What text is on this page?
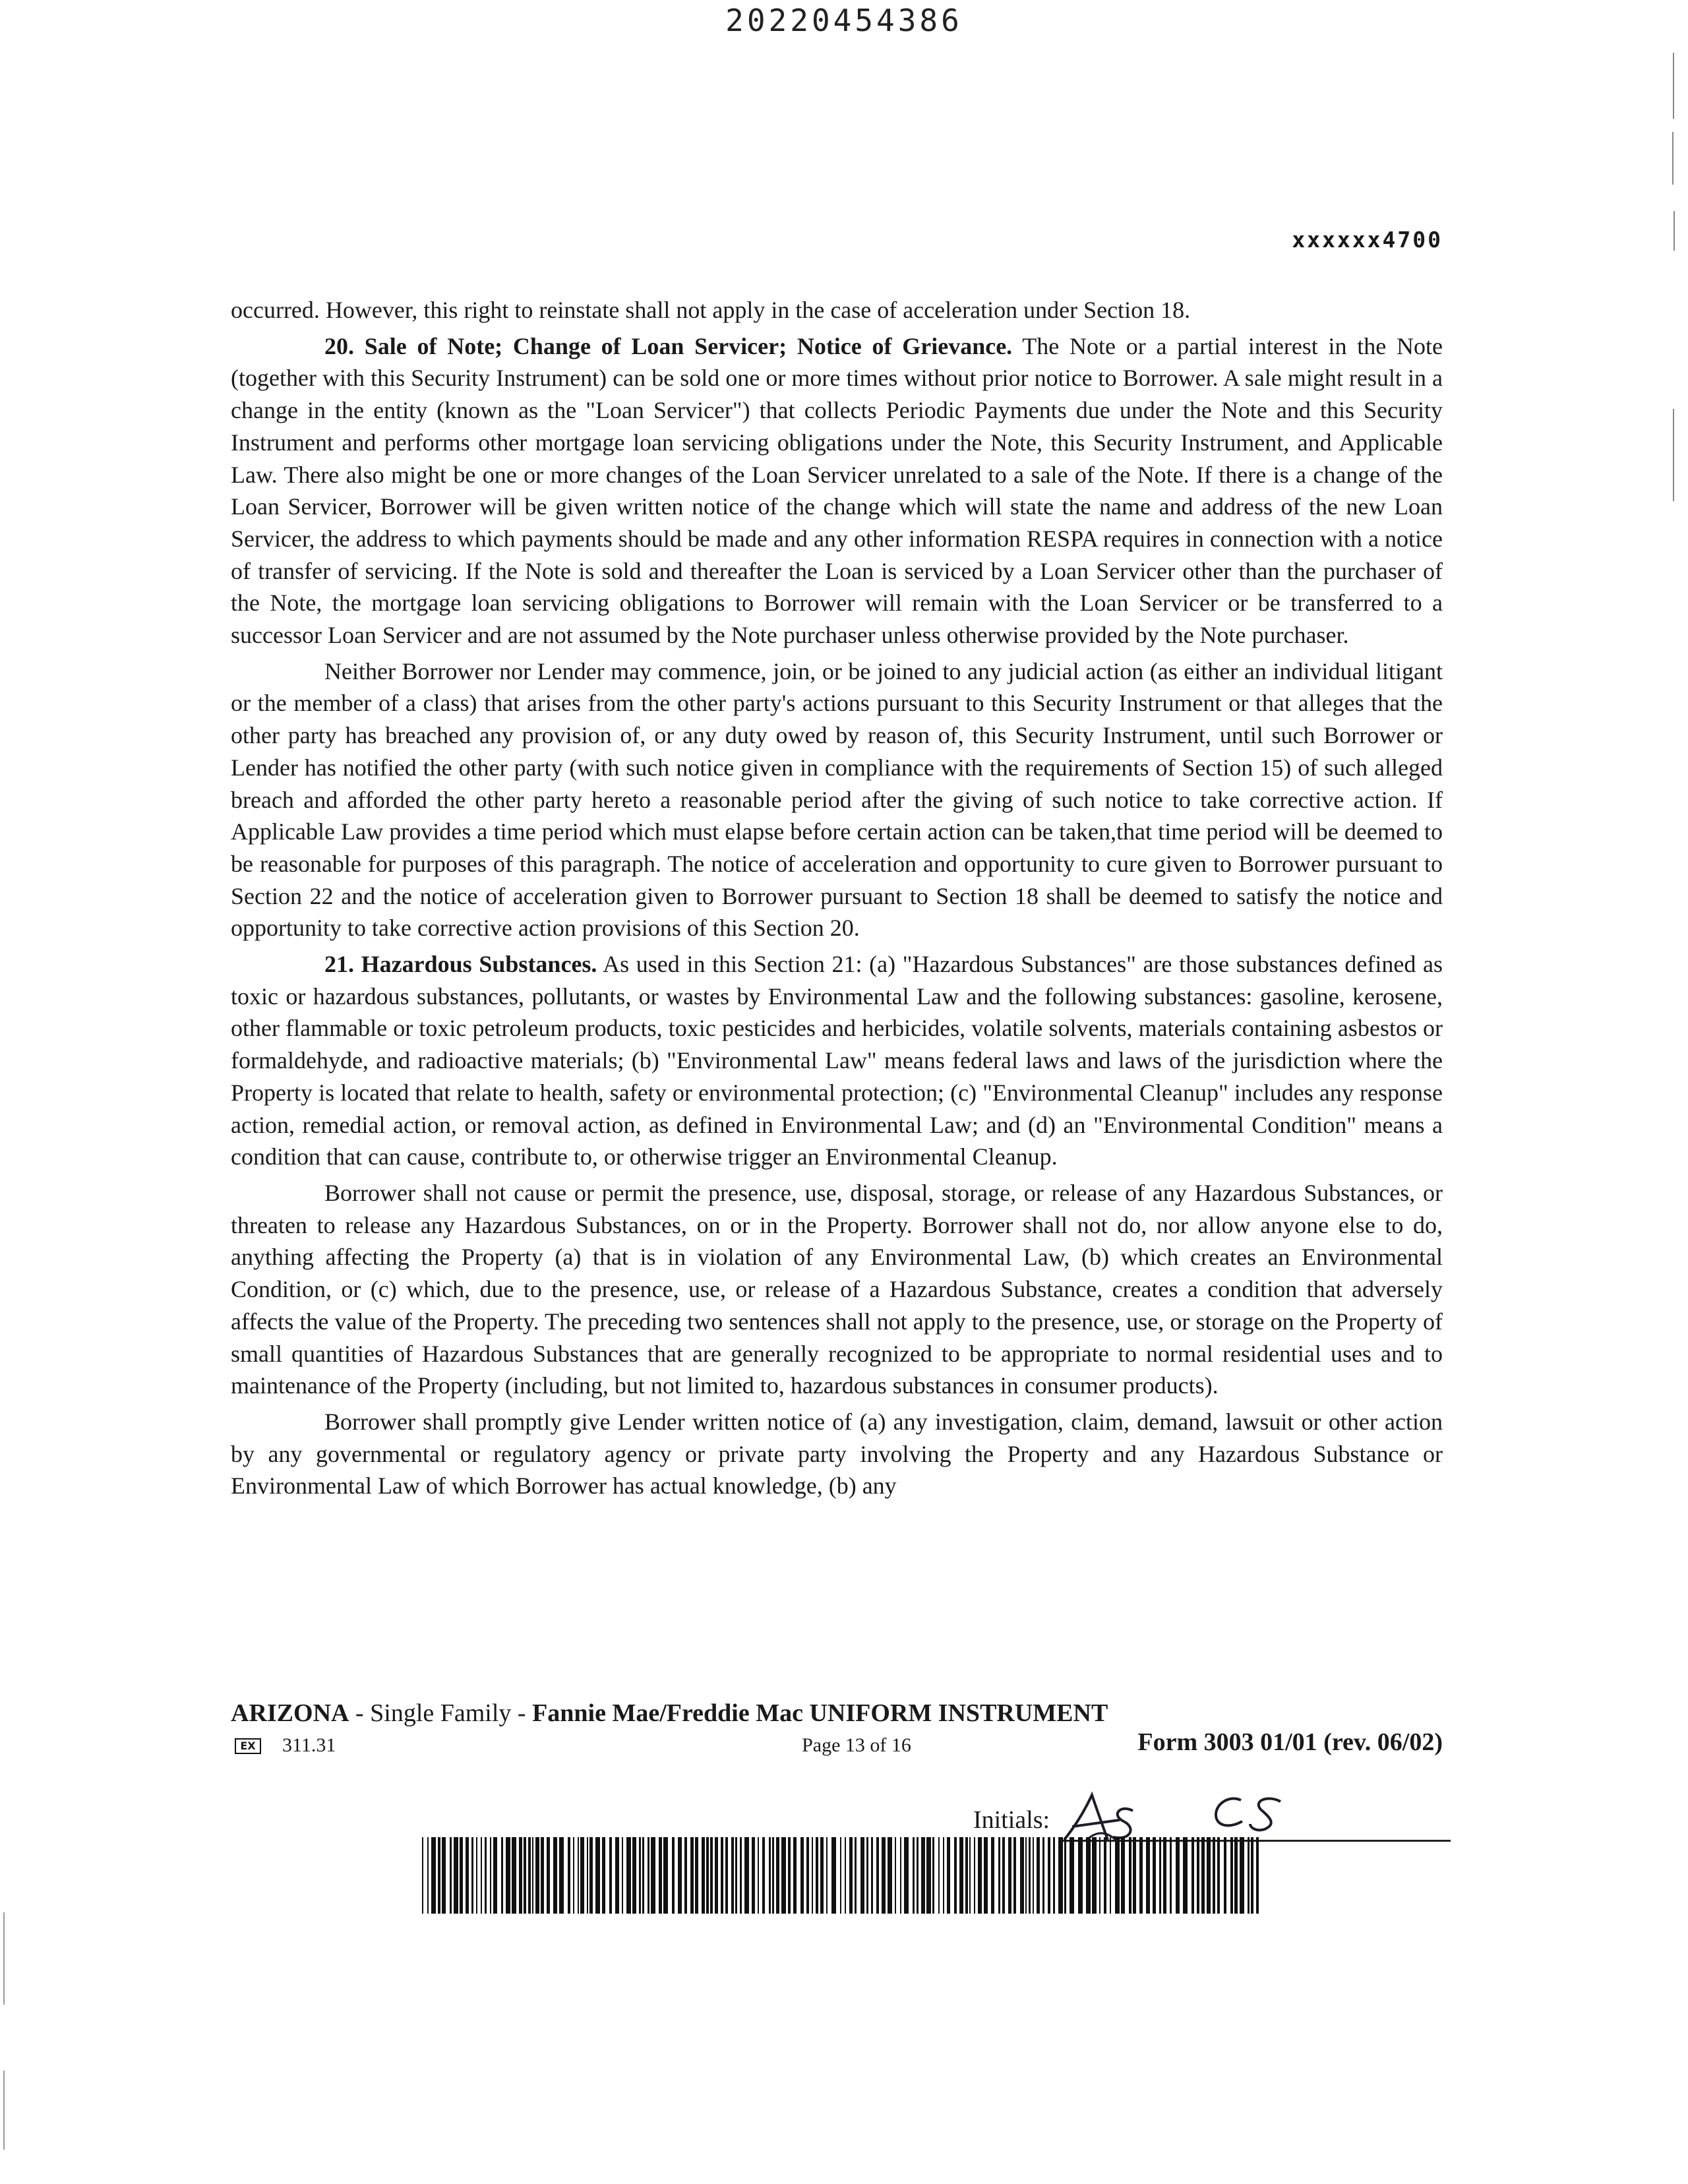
20220454386
xxxxxx4700

occurred. However, this right to reinstate shall not apply in the case of acceleration under Section 18.

20. Sale of Note; Change of Loan Servicer; Notice of Grievance. The Note or a partial interest in the Note (together with this Security Instrument) can be sold one or more times without prior notice to Borrower. A sale might result in a change in the entity (known as the "Loan Servicer") that collects Periodic Payments due under the Note and this Security Instrument and performs other mortgage loan servicing obligations under the Note, this Security Instrument, and Applicable Law. There also might be one or more changes of the Loan Servicer unrelated to a sale of the Note. If there is a change of the Loan Servicer, Borrower will be given written notice of the change which will state the name and address of the new Loan Servicer, the address to which payments should be made and any other information RESPA requires in connection with a notice of transfer of servicing. If the Note is sold and thereafter the Loan is serviced by a Loan Servicer other than the purchaser of the Note, the mortgage loan servicing obligations to Borrower will remain with the Loan Servicer or be transferred to a successor Loan Servicer and are not assumed by the Note purchaser unless otherwise provided by the Note purchaser.

Neither Borrower nor Lender may commence, join, or be joined to any judicial action (as either an individual litigant or the member of a class) that arises from the other party's actions pursuant to this Security Instrument or that alleges that the other party has breached any provision of, or any duty owed by reason of, this Security Instrument, until such Borrower or Lender has notified the other party (with such notice given in compliance with the requirements of Section 15) of such alleged breach and afforded the other party hereto a reasonable period after the giving of such notice to take corrective action. If Applicable Law provides a time period which must elapse before certain action can be taken,that time period will be deemed to be reasonable for purposes of this paragraph. The notice of acceleration and opportunity to cure given to Borrower pursuant to Section 22 and the notice of acceleration given to Borrower pursuant to Section 18 shall be deemed to satisfy the notice and opportunity to take corrective action provisions of this Section 20.

21. Hazardous Substances. As used in this Section 21: (a) "Hazardous Substances" are those substances defined as toxic or hazardous substances, pollutants, or wastes by Environmental Law and the following substances: gasoline, kerosene, other flammable or toxic petroleum products, toxic pesticides and herbicides, volatile solvents, materials containing asbestos or formaldehyde, and radioactive materials; (b) "Environmental Law" means federal laws and laws of the jurisdiction where the Property is located that relate to health, safety or environmental protection; (c) "Environmental Cleanup" includes any response action, remedial action, or removal action, as defined in Environmental Law; and (d) an "Environmental Condition" means a condition that can cause, contribute to, or otherwise trigger an Environmental Cleanup.

Borrower shall not cause or permit the presence, use, disposal, storage, or release of any Hazardous Substances, or threaten to release any Hazardous Substances, on or in the Property. Borrower shall not do, nor allow anyone else to do, anything affecting the Property (a) that is in violation of any Environmental Law, (b) which creates an Environmental Condition, or (c) which, due to the presence, use, or release of a Hazardous Substance, creates a condition that adversely affects the value of the Property. The preceding two sentences shall not apply to the presence, use, or storage on the Property of small quantities of Hazardous Substances that are generally recognized to be appropriate to normal residential uses and to maintenance of the Property (including, but not limited to, hazardous substances in consumer products).

Borrower shall promptly give Lender written notice of (a) any investigation, claim, demand, lawsuit or other action by any governmental or regulatory agency or private party involving the Property and any Hazardous Substance or Environmental Law of which Borrower has actual knowledge, (b) any

ARIZONA - Single Family - Fannie Mae/Freddie Mac UNIFORM INSTRUMENT
EX 311.31	Page 13 of 16	Form 3003 01/01 (rev. 06/02)
Initials:
